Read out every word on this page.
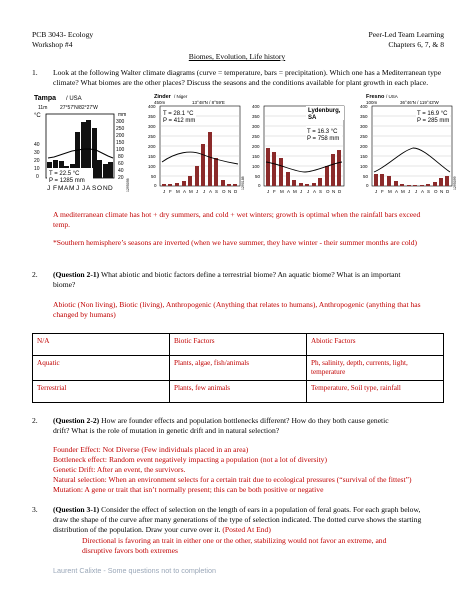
PCB 3043- Ecology
Workshop #4
Peer-Led Team Learning
Chapters 6, 7, & 8
Biomes, Evolution, Life history
1. Look at the following Walter climate diagrams (curve = temperature, bars = precipitation). Which one has a Mediterranean type
climate? What biomes are the other places? Discuss the seasons and the conditions available for plant growth in each place.
Tampa / USA
11m	27°57'N/82°27'W
°C	mm
40
30
20
10
0
300
250
200
150
100
80
60
40
20
T = 22.5 °C
P = 1285 mm
J F M A M J J A S O N D	1295098
Zinder / Niger
450m	13°48'N / 8°59'E
400
350
300
250
200
150
100
50
0
T = 28.1 °C
P = 412 mm
J F M A M J J A S O N D
1290188
400
350
300
250
200
150
100
50
0
Lydenburg,
SA
T = 16.3 °C
P = 758 mm
J F M A M J J A S O N D
Fresno / USA
100m	36°46'N / 119°43'W
400
350
300
250
200
150
100
50
0
T = 16.9 °C
P = 285 mm
J F M A M J J A S O N D
1295099
A mediterranean climate has hot + dry summers, and cold + wet winters; growth is optimal when the rainfall bars exceed
temp.
*Southern hemisphere’s seasons are inverted (when we have summer, they have winter - their summer months are cold)
2. (Question 2-1) What abiotic and biotic factors define a terrestrial biome? An aquatic biome? What is an important
biome?
Abiotic (Non living), Biotic (living), Anthropogenic (Anything that relates to humans), Anthropogenic (anything that has
changed by humans)
N/A	Biotic Factors	Abiotic Factors
Aquatic	Plants, algae, fish/animals	Ph, salinity, depth, currents, light, temperature
Terrestrial	Plants, few animals	Temperature, Soil type, rainfall
2. (Question 2-2) How are founder effects and population bottlenecks different? How do they both cause genetic
drift? What is the role of mutation in genetic drift and in natural selection?
Founder Effect: Not Diverse (Few individuals placed in an area)
Bottleneck effect: Random event negatively impacting a population (not a lot of diversity)
Genetic Drift: After an event, the survivors.
Natural selection: When an environment selects for a certain trait due to ecological pressures (“survival of the fittest”)
Mutation: A gene or trait that isn’t normally present; this can be both positive or negative
3. (Question 3-1) Consider the effect of selection on the length of ears in a population of feral goats. For each graph below,
draw the shape of the curve after many generations of the type of selection indicated. The dotted curve shows the starting
distribution of the population. Draw your curve over it. (Posted At End)
Directional is favoring an trait in either one or the other, stabilizing would not favor an extreme, and
disruptive favors both extremes
Laurent Calixte - Some questions not to completion
